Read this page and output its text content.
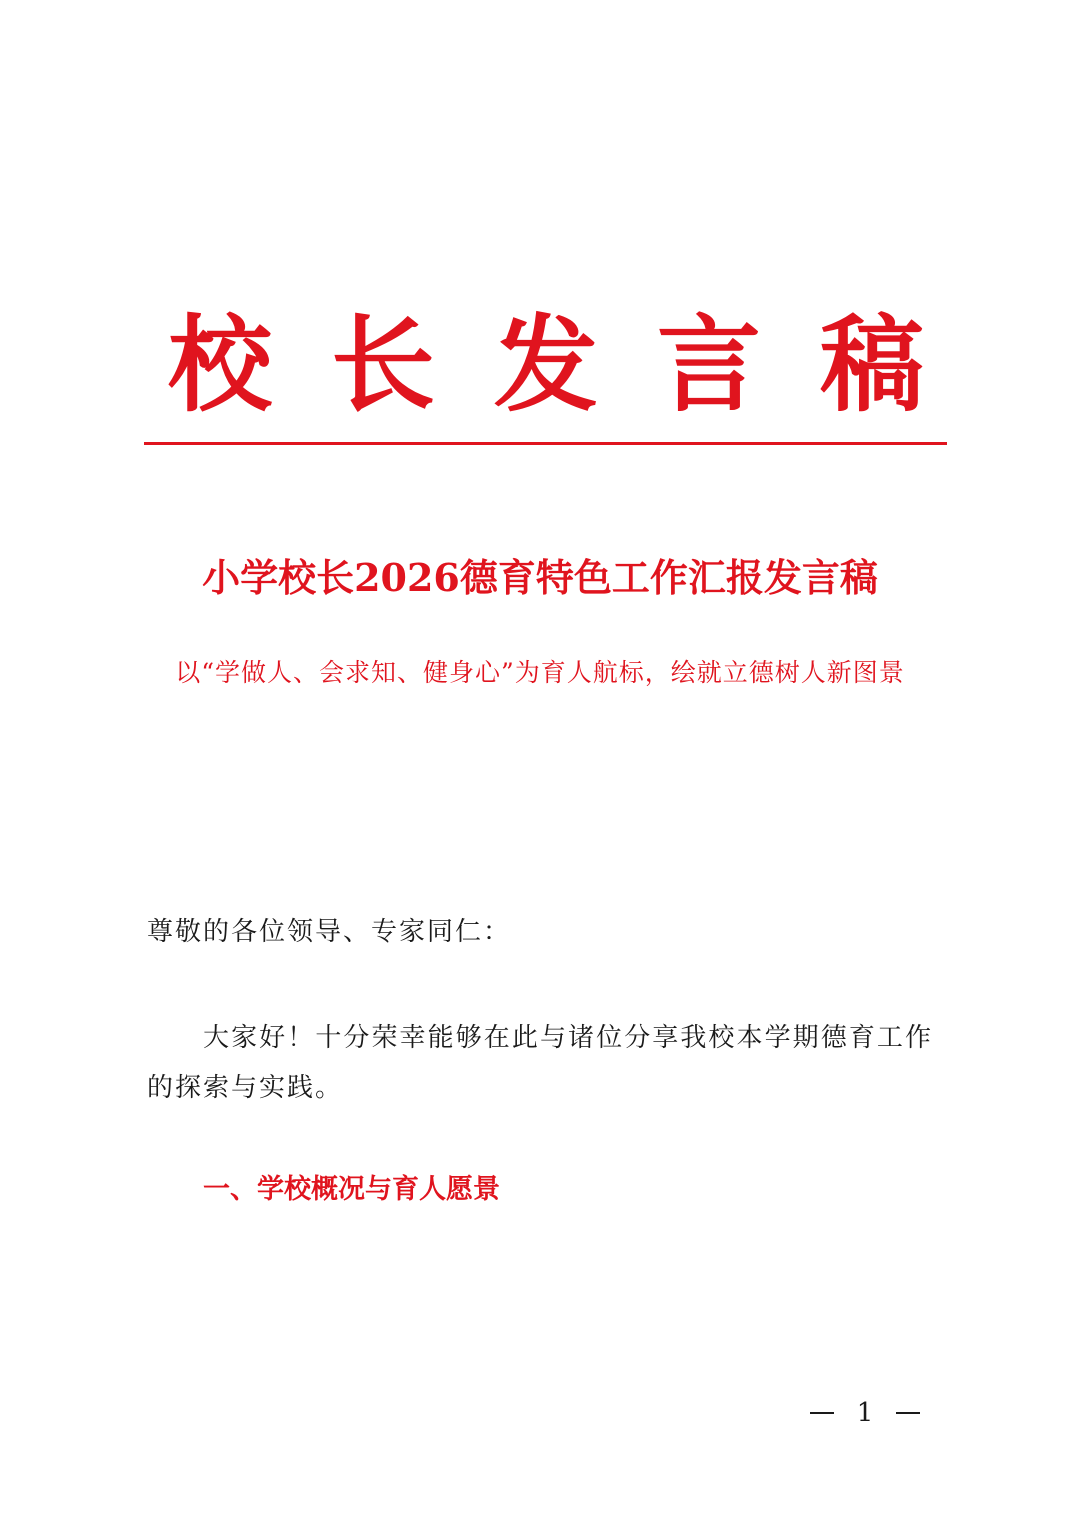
校 长 发 言 稿
小学校长2026德育特色工作汇报发言稿
以“学做人、会求知、健身心”为育人航标，绘就立德树人新图景
尊敬的各位领导、专家同仁：
大家好！十分荣幸能够在此与诸位分享我校本学期德育工作的探索与实践。
一、学校概况与育人愿景
1
